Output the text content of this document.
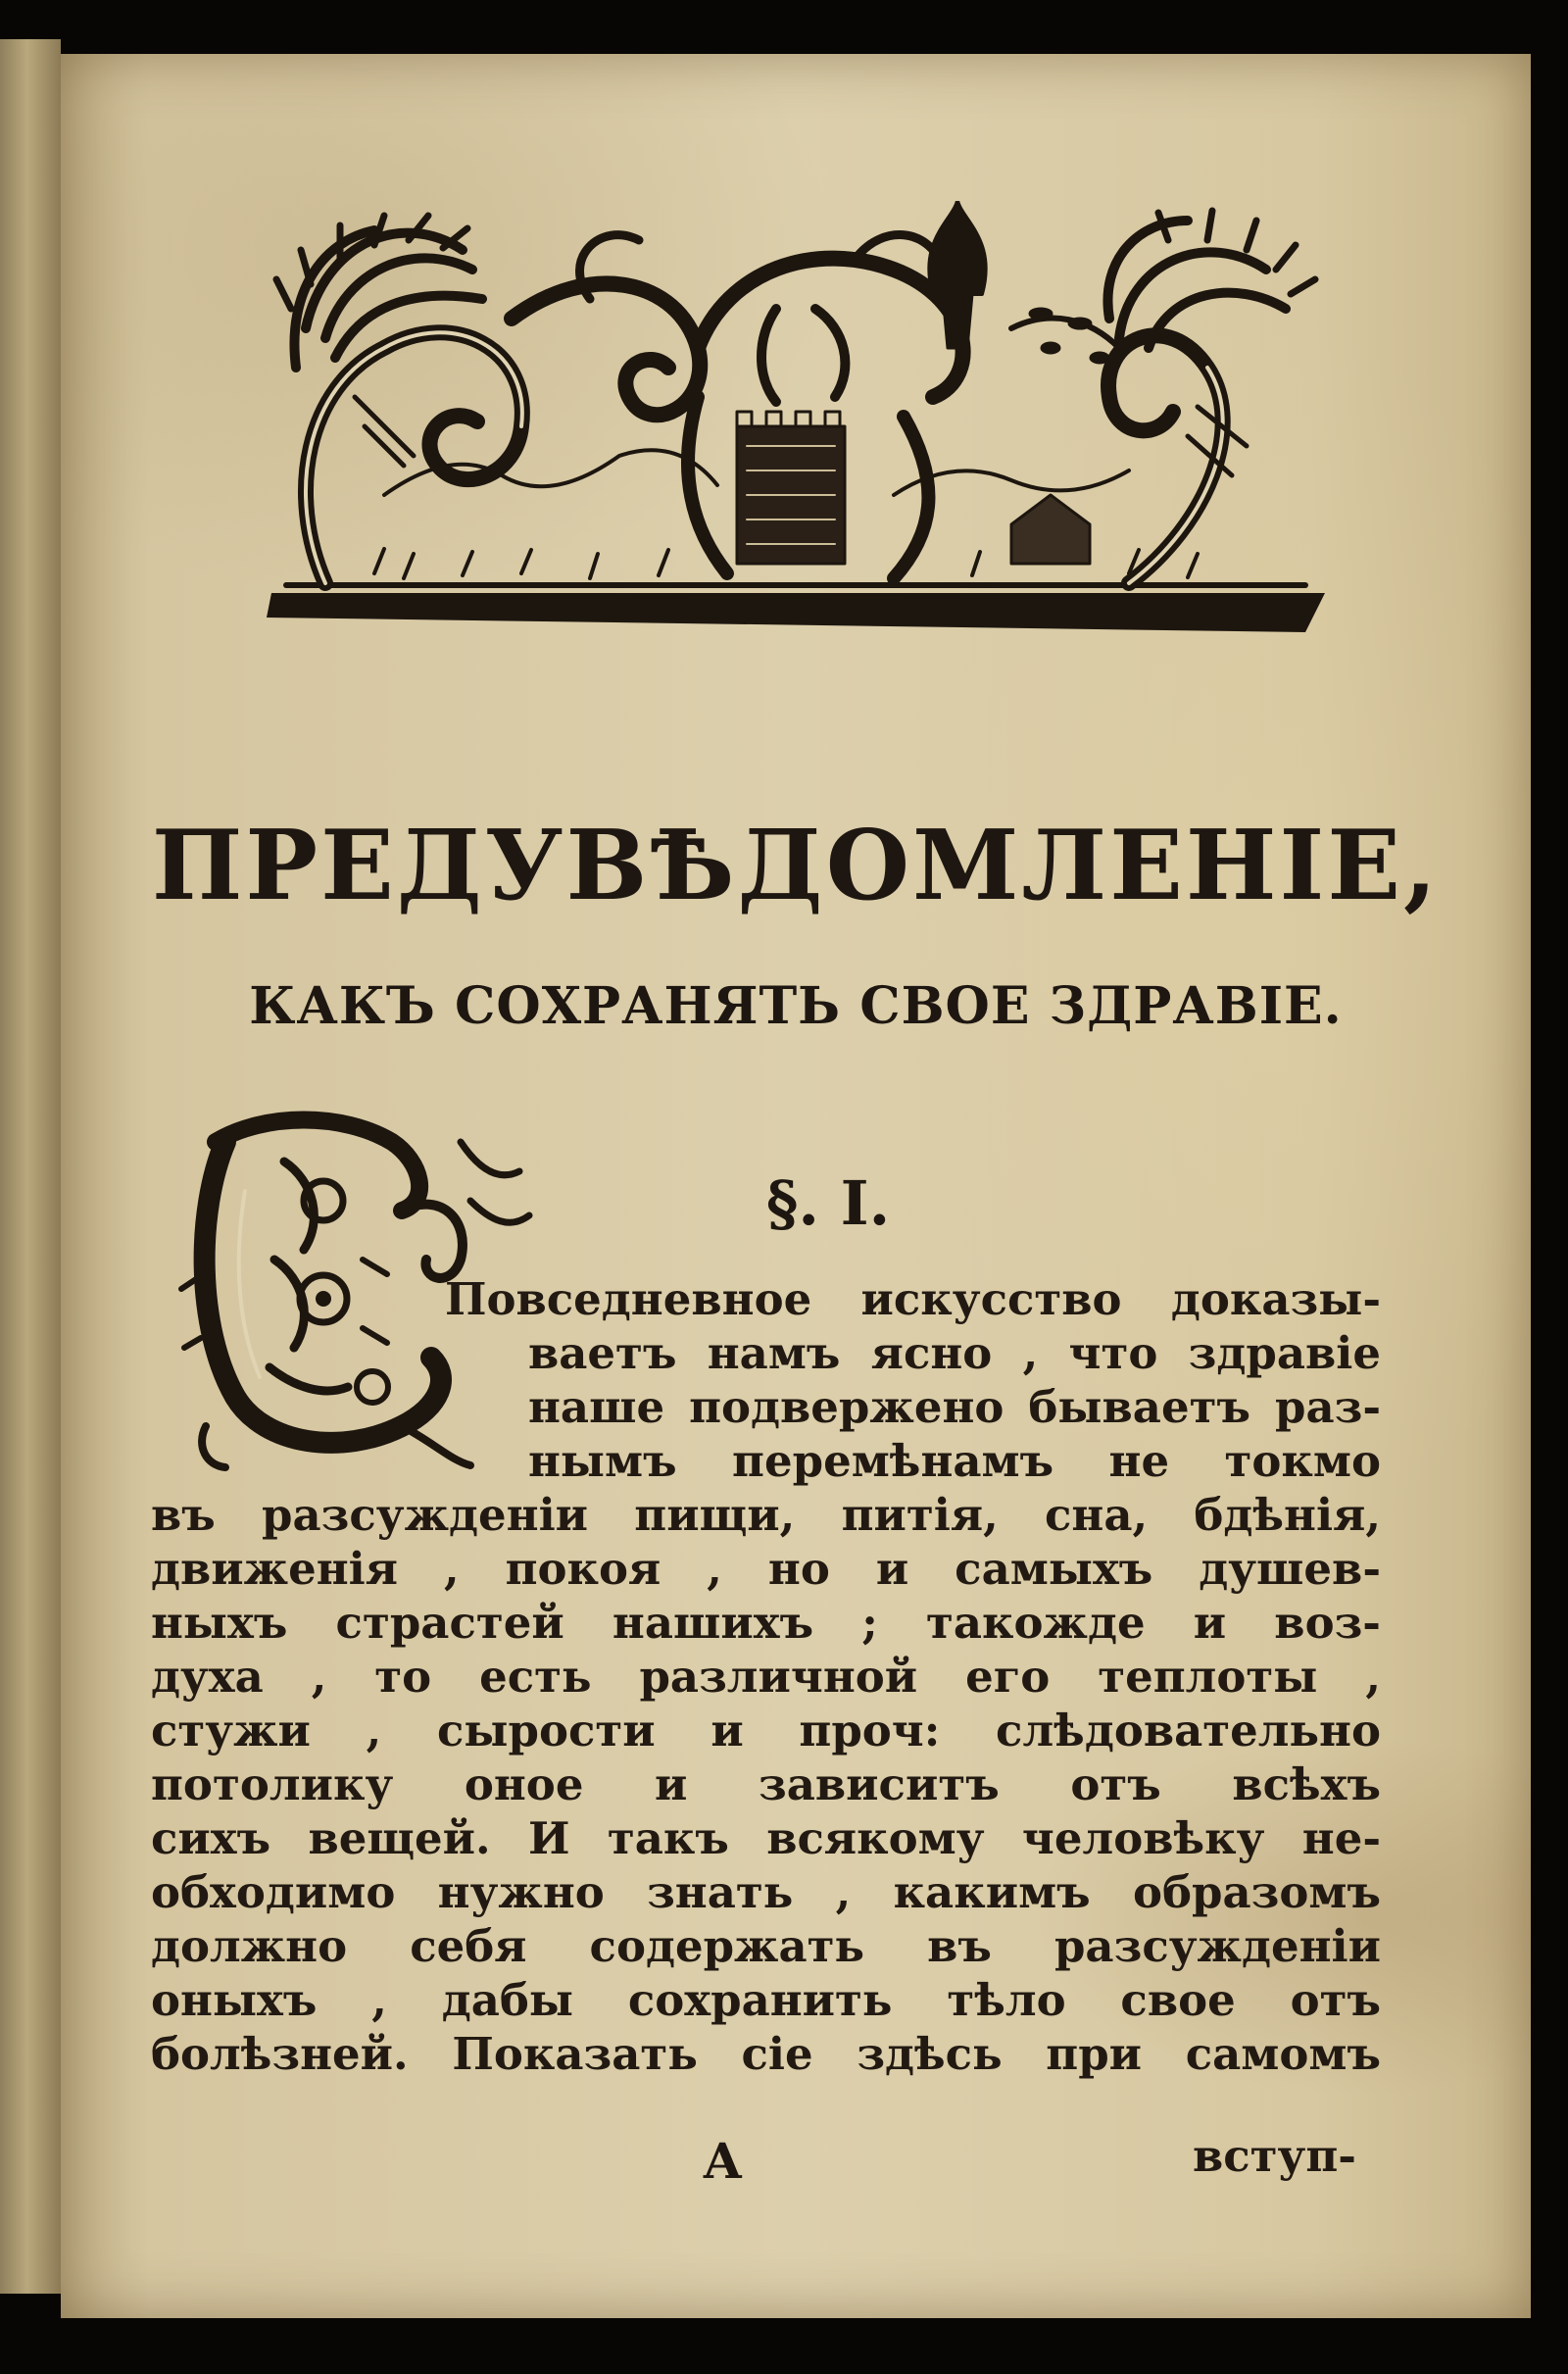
ПРЕДУВѢДОМЛЕНІЕ,
КАКЪ СОХРАНЯТЬ СВОЕ ЗДРАВІЕ.
§. I.
Повседневное искусство доказы-
ваетъ намъ ясно , что здравіе
наше подвержено бываетъ раз-
нымъ перемѣнамъ не токмо
въ разсужденіи пищи, питія, сна, бдѣнія,
движенія , покоя , но и самыхъ душев-
ныхъ страстей нашихъ ; такожде и воз-
духа , то есть различной его теплоты ,
стужи , сырости и проч: слѣдовательно
потолику оное и зависитъ отъ всѣхъ
сихъ вещей. И такъ всякому человѣку не-
обходимо нужно знать , какимъ образомъ
должно себя содержать въ разсужденіи
оныхъ , дабы сохранить тѣло свое отъ
болѣзней. Показать сіе здѣсь при самомъ
А	вступ-
